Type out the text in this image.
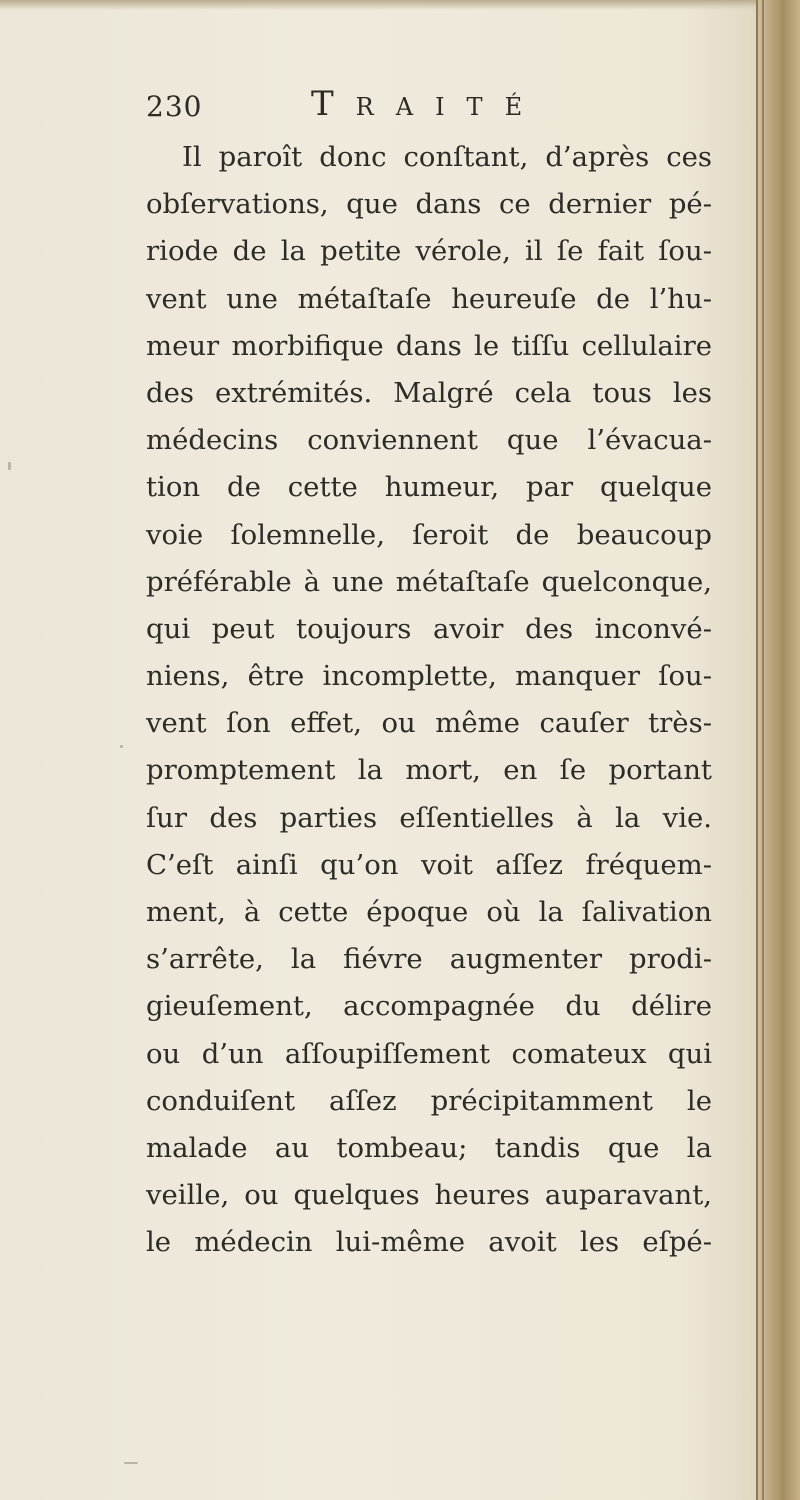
230	Traité
Il paroît donc conſtant, d’après ces
obſervations, que dans ce dernier pé-
riode de la petite vérole, il ſe fait ſou-
vent une métaſtaſe heureuſe de l’hu-
meur morbifique dans le tiſſu cellulaire
des extrémités. Malgré cela tous les
médecins conviennent que l’évacua-
tion de cette humeur, par quelque
voie ſolemnelle, ſeroit de beaucoup
préférable à une métaſtaſe quelconque,
qui peut toujours avoir des inconvé-
niens, être incomplette, manquer ſou-
vent ſon effet, ou même cauſer très-
promptement la mort, en ſe portant
ſur des parties eſſentielles à la vie.
C’eſt ainſi qu’on voit aſſez fréquem-
ment, à cette époque où la ſalivation
s’arrête, la fiévre augmenter prodi-
gieuſement, accompagnée du délire
ou d’un aſſoupiſſement comateux qui
conduiſent aſſez précipitamment le
malade au tombeau; tandis que la
veille, ou quelques heures auparavant,
le médecin lui-même avoit les eſpé-
